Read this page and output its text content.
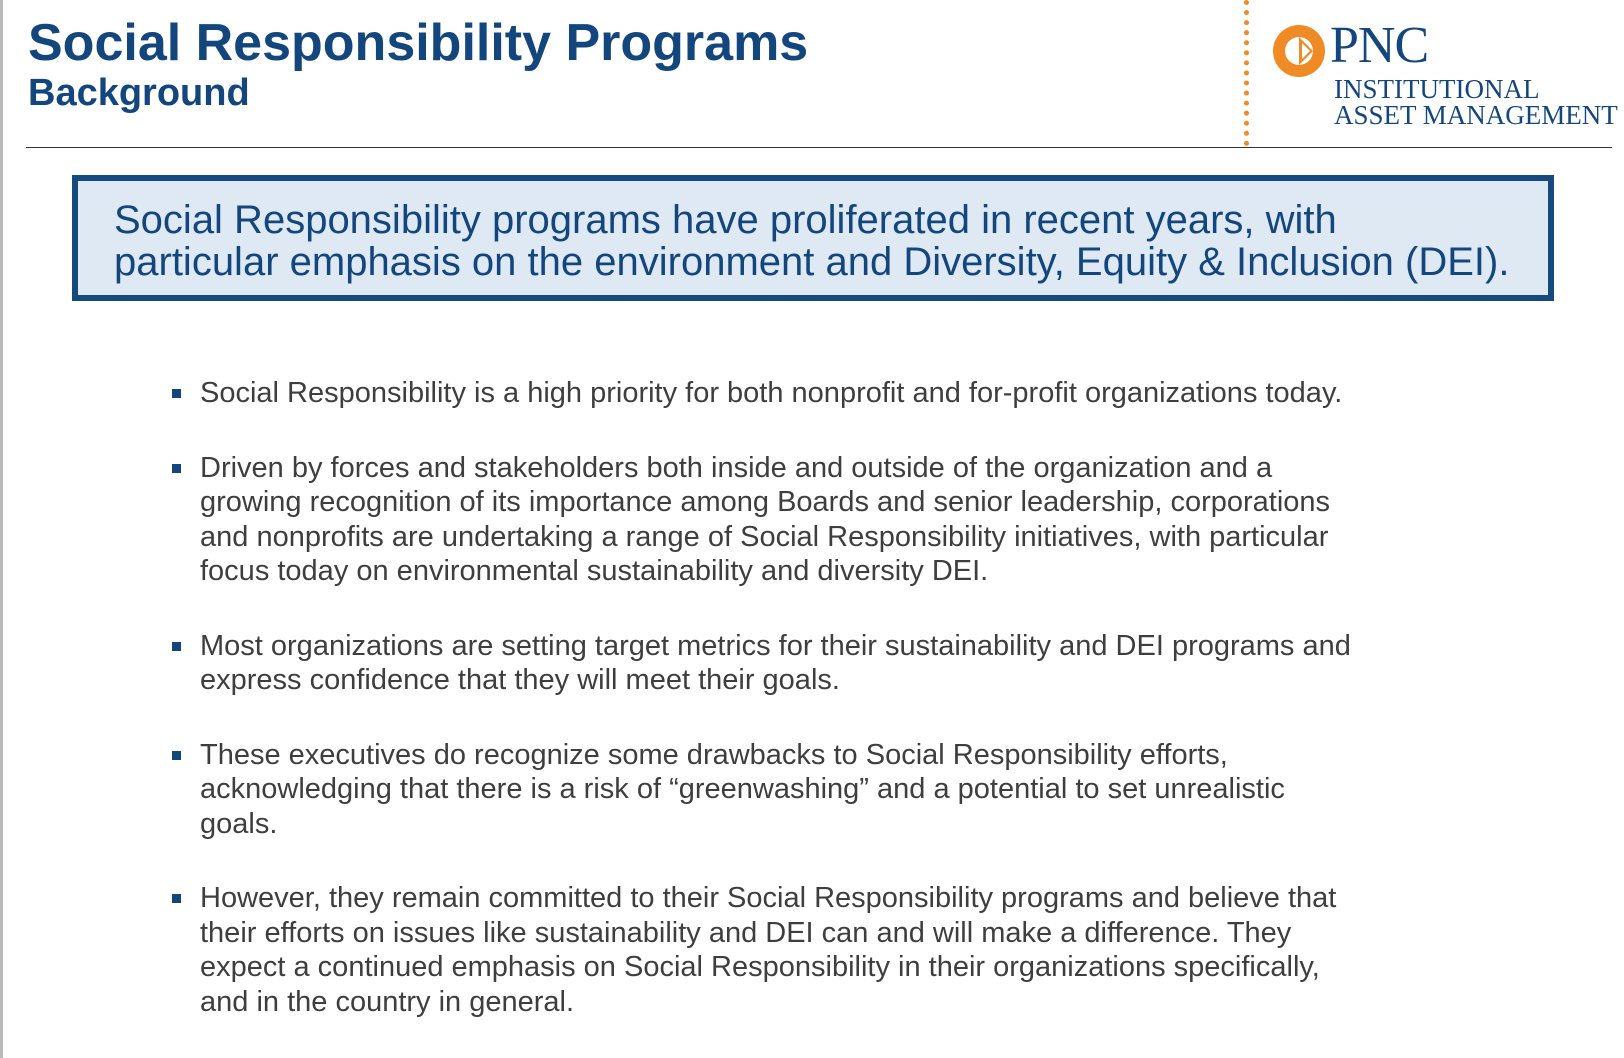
Social Responsibility Programs
Background
PNC
INSTITUTIONAL
ASSET MANAGEMENT

Social Responsibility programs have proliferated in recent years, with
particular emphasis on the environment and Diversity, Equity & Inclusion (DEI).

Social Responsibility is a high priority for both nonprofit and for-profit organizations today.
Driven by forces and stakeholders both inside and outside of the organization and a
growing recognition of its importance among Boards and senior leadership, corporations
and nonprofits are undertaking a range of Social Responsibility initiatives, with particular
focus today on environmental sustainability and diversity DEI.
Most organizations are setting target metrics for their sustainability and DEI programs and
express confidence that they will meet their goals.
These executives do recognize some drawbacks to Social Responsibility efforts,
acknowledging that there is a risk of “greenwashing” and a potential to set unrealistic
goals.
However, they remain committed to their Social Responsibility programs and believe that
their efforts on issues like sustainability and DEI can and will make a difference. They
expect a continued emphasis on Social Responsibility in their organizations specifically,
and in the country in general.
